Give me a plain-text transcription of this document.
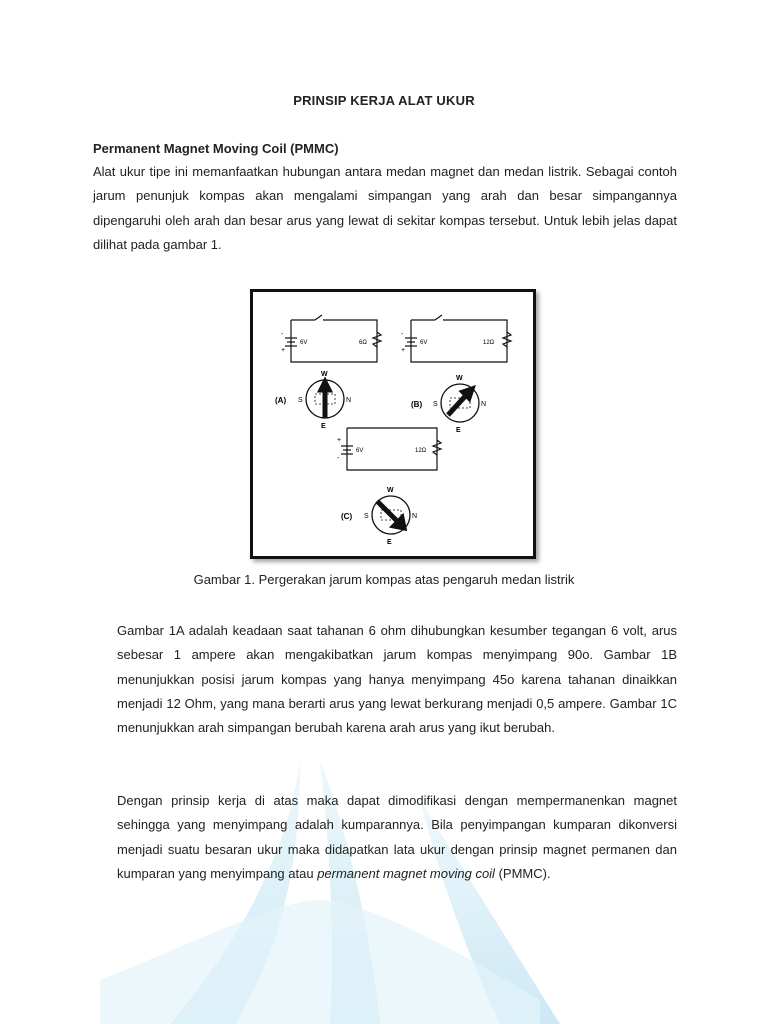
PRINSIP KERJA ALAT UKUR
Permanent Magnet Moving Coil (PMMC)
Alat ukur tipe ini memanfaatkan hubungan antara medan magnet dan medan listrik. Sebagai contoh jarum penunjuk kompas akan mengalami simpangan yang arah dan besar simpangannya dipengaruhi oleh arah dan besar arus yang lewat di sekitar kompas tersebut. Untuk lebih jelas dapat dilihat pada gambar 1.
6V	6Ω
-
+
(A)
W
E
S	N
6V	12Ω
-
+
(B)
W
E
S	N
6V	12Ω
+
-
(C)
W
E
S	N
Gambar 1. Pergerakan jarum kompas atas pengaruh medan listrik
Gambar 1A adalah keadaan saat tahanan 6 ohm dihubungkan kesumber tegangan 6 volt, arus sebesar 1 ampere akan mengakibatkan jarum kompas menyimpang 90o. Gambar 1B menunjukkan posisi jarum kompas yang hanya menyimpang 45o karena tahanan dinaikkan menjadi 12 Ohm, yang mana berarti arus yang lewat berkurang menjadi 0,5 ampere. Gambar 1C menunjukkan arah simpangan berubah karena arah arus yang ikut berubah.
Dengan prinsip kerja di atas maka dapat dimodifikasi dengan mempermanenkan magnet sehingga yang menyimpang adalah kumparannya. Bila penyimpangan kumparan dikonversi menjadi suatu besaran ukur maka didapatkan lata ukur dengan prinsip magnet permanen dan kumparan yang menyimpang atau permanent magnet moving coil (PMMC).
